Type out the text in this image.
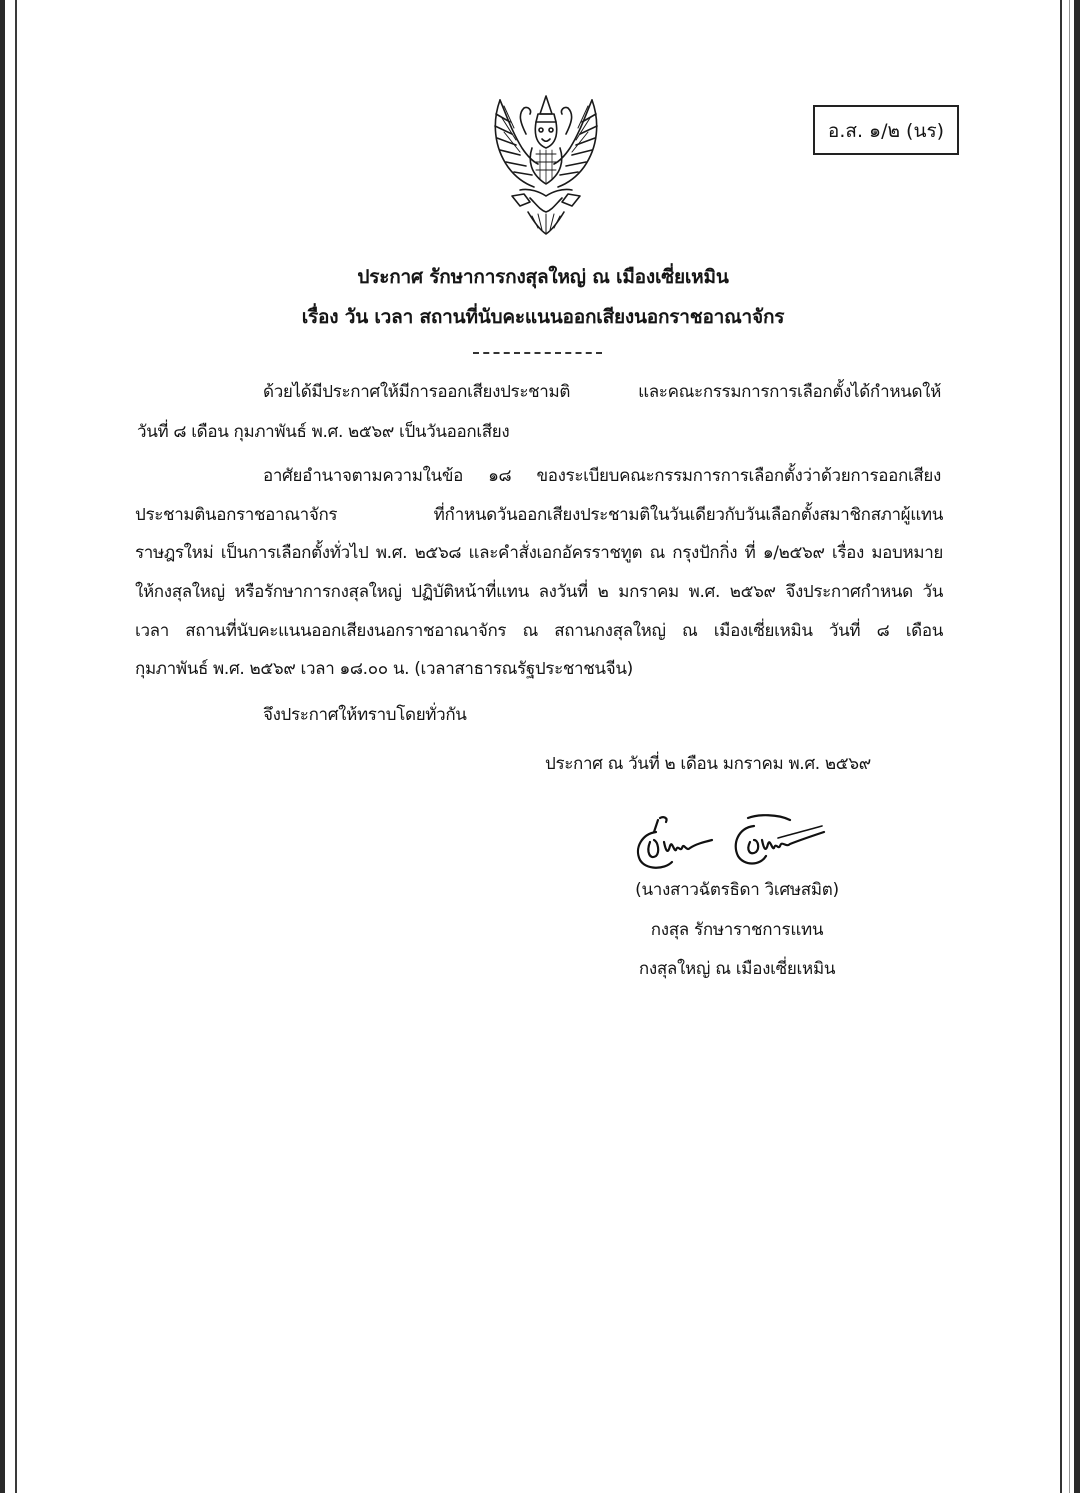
อ.ส. ๑/๒ (นร)
ประกาศ รักษาการกงสุลใหญ่ ณ เมืองเซี่ยเหมิน
เรื่อง วัน เวลา สถานที่นับคะแนนออกเสียงนอกราชอาณาจักร
ด้วยได้มีประกาศให้มีการออกเสียงประชามติ และคณะกรรมการการเลือกตั้งได้กำหนดให้
วันที่ ๘ เดือน กุมภาพันธ์ พ.ศ. ๒๕๖๙ เป็นวันออกเสียง
อาศัยอำนาจตามความในข้อ ๑๘ ของระเบียบคณะกรรมการการเลือกตั้งว่าด้วยการออกเสียง
ประชามตินอกราชอาณาจักร ที่กำหนดวันออกเสียงประชามติในวันเดียวกับวันเลือกตั้งสมาชิกสภาผู้แทน
ราษฎรใหม่ เป็นการเลือกตั้งทั่วไป พ.ศ. ๒๕๖๘ และคำสั่งเอกอัครราชทูต ณ กรุงปักกิ่ง ที่ ๑/๒๕๖๙ เรื่อง มอบหมาย
ให้กงสุลใหญ่ หรือรักษาการกงสุลใหญ่ ปฏิบัติหน้าที่แทน ลงวันที่ ๒ มกราคม พ.ศ. ๒๕๖๙ จึงประกาศกำหนด วัน
เวลา สถานที่นับคะแนนออกเสียงนอกราชอาณาจักร ณ สถานกงสุลใหญ่ ณ เมืองเซี่ยเหมิน วันที่ ๘ เดือน
กุมภาพันธ์ พ.ศ. ๒๕๖๙ เวลา ๑๘.๐๐ น. (เวลาสาธารณรัฐประชาชนจีน)
จึงประกาศให้ทราบโดยทั่วกัน
ประกาศ ณ วันที่ ๒ เดือน มกราคม พ.ศ. ๒๕๖๙
(นางสาวฉัตรธิดา วิเศษสมิต)
กงสุล รักษาราชการแทน
กงสุลใหญ่ ณ เมืองเซี่ยเหมิน
